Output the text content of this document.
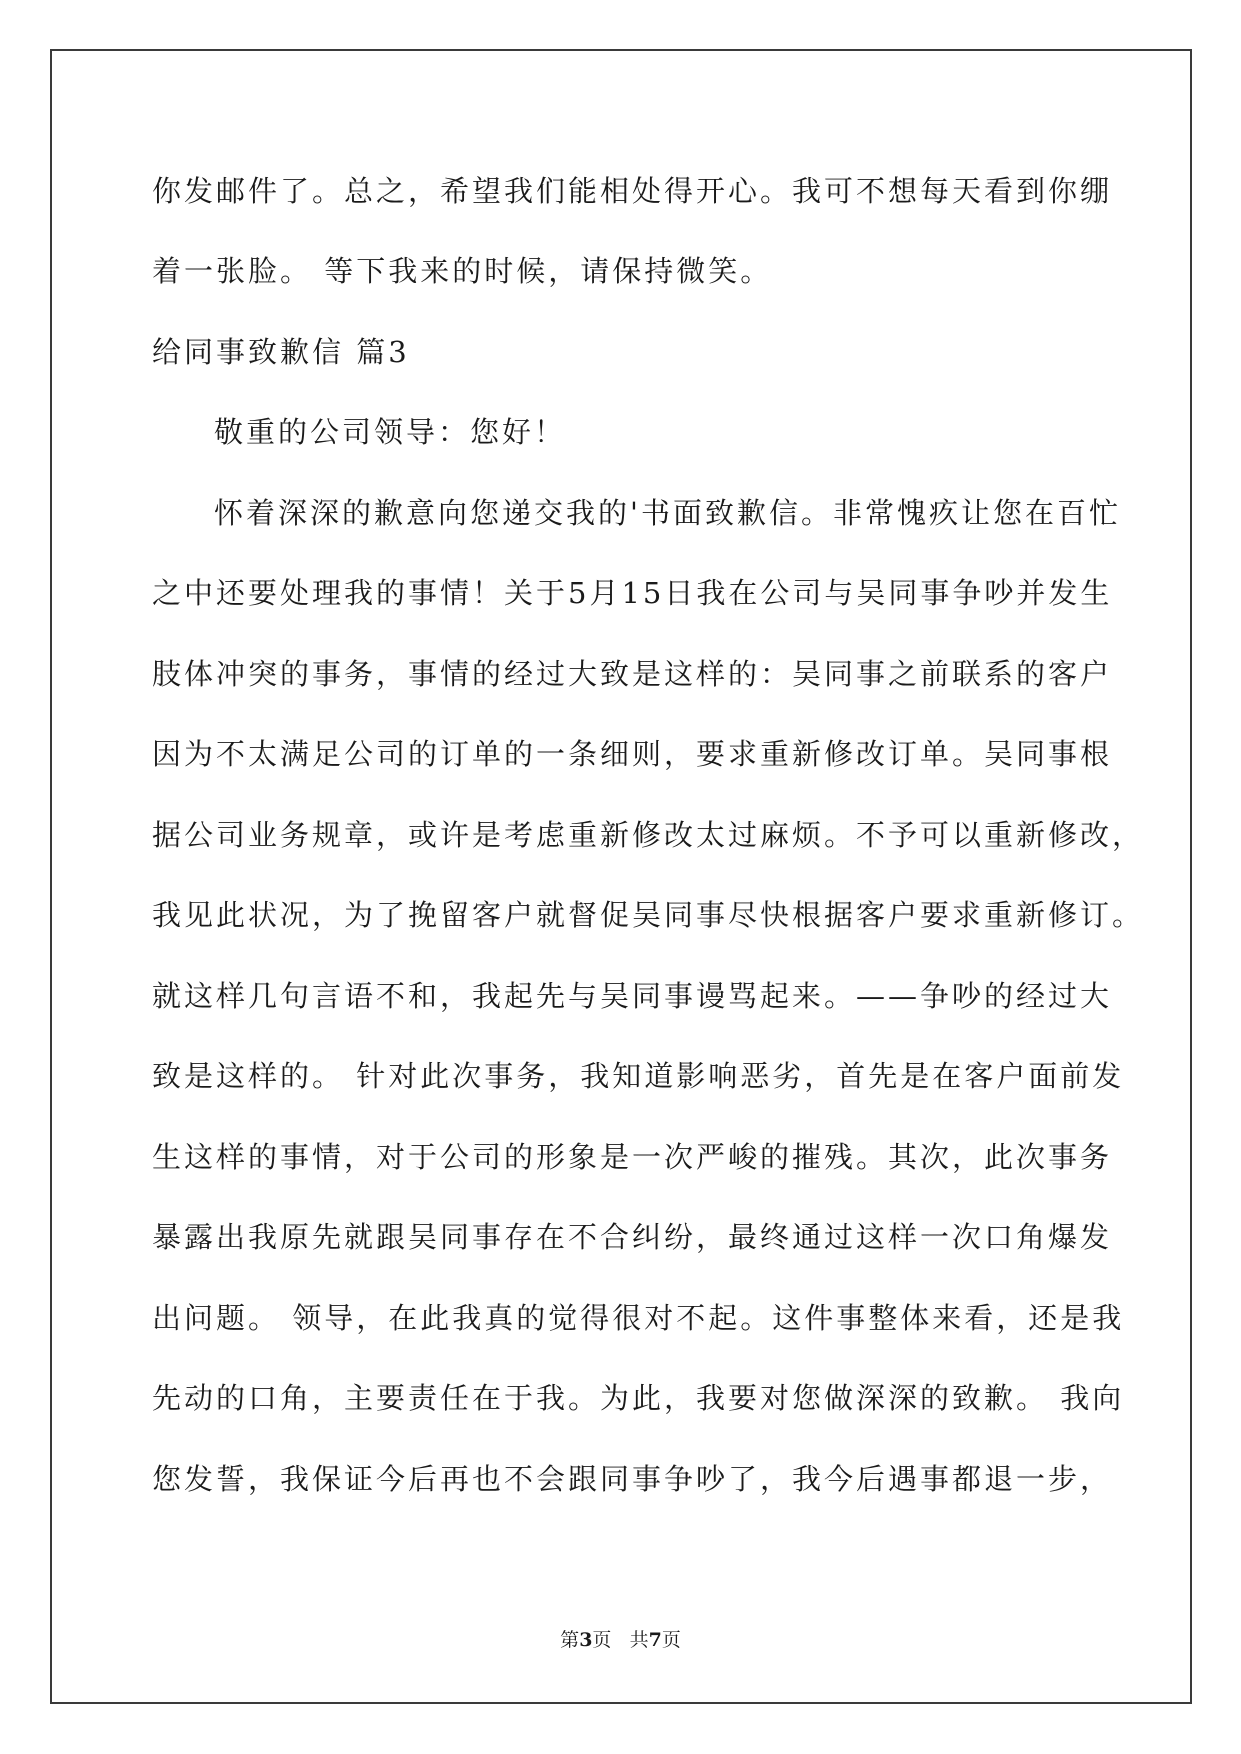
你发邮件了。总之，希望我们能相处得开心。我可不想每天看到你绷

着一张脸。 等下我来的时候，请保持微笑。

给同事致歉信 篇3

敬重的公司领导：您好！

怀着深深的歉意向您递交我的'书面致歉信。非常愧疚让您在百忙

之中还要处理我的事情！关于5月15日我在公司与吴同事争吵并发生

肢体冲突的事务，事情的经过大致是这样的：吴同事之前联系的客户

因为不太满足公司的订单的一条细则，要求重新修改订单。吴同事根

据公司业务规章，或许是考虑重新修改太过麻烦。不予可以重新修改，

我见此状况，为了挽留客户就督促吴同事尽快根据客户要求重新修订。

就这样几句言语不和，我起先与吴同事谩骂起来。——争吵的经过大

致是这样的。 针对此次事务，我知道影响恶劣，首先是在客户面前发

生这样的事情，对于公司的形象是一次严峻的摧残。其次，此次事务

暴露出我原先就跟吴同事存在不合纠纷，最终通过这样一次口角爆发

出问题。 领导，在此我真的觉得很对不起。这件事整体来看，还是我

先动的口角，主要责任在于我。为此，我要对您做深深的致歉。 我向

您发誓，我保证今后再也不会跟同事争吵了，我今后遇事都退一步，

第3页 共7页
